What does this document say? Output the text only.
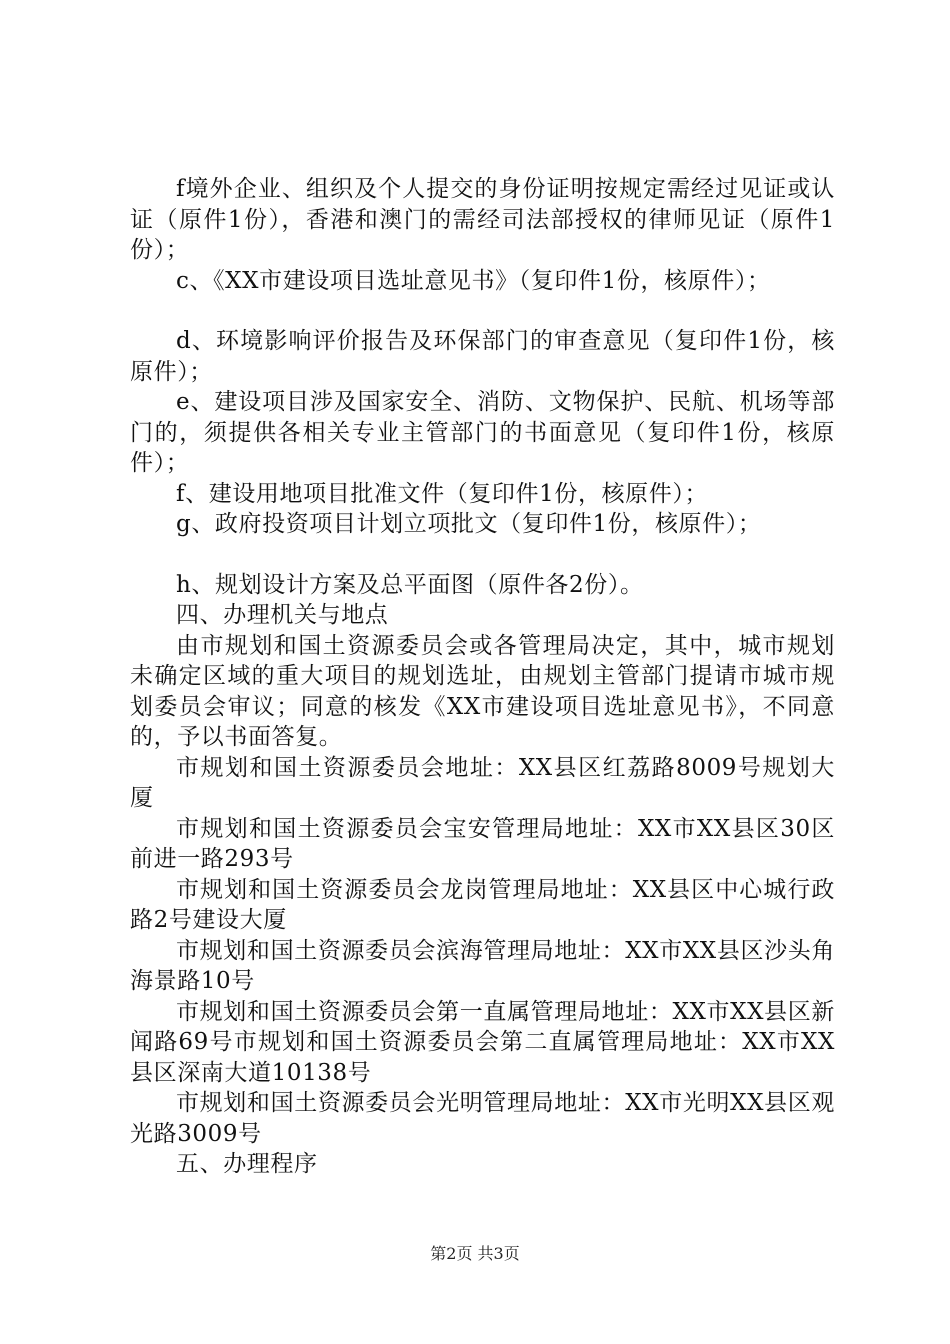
f境外企业、组织及个人提交的身份证明按规定需经过见证或认证（原件1份），香港和澳门的需经司法部授权的律师见证（原件1份）；

c、《XX市建设项目选址意见书》（复印件1份，核原件）；

d、环境影响评价报告及环保部门的审查意见（复印件1份，核原件）；

e、建设项目涉及国家安全、消防、文物保护、民航、机场等部门的，须提供各相关专业主管部门的书面意见（复印件1份，核原件）；

f、建设用地项目批准文件（复印件1份，核原件）；

g、政府投资项目计划立项批文（复印件1份，核原件）；

h、规划设计方案及总平面图（原件各2份）。

四、办理机关与地点

由市规划和国土资源委员会或各管理局决定，其中，城市规划未确定区域的重大项目的规划选址，由规划主管部门提请市城市规划委员会审议；同意的核发《XX市建设项目选址意见书》，不同意的，予以书面答复。

市规划和国土资源委员会地址：XX县区红荔路8009号规划大厦

市规划和国土资源委员会宝安管理局地址：XX市XX县区30区前进一路293号

市规划和国土资源委员会龙岗管理局地址：XX县区中心城行政路2号建设大厦

市规划和国土资源委员会滨海管理局地址：XX市XX县区沙头角海景路10号

市规划和国土资源委员会第一直属管理局地址：XX市XX县区新闻路69号市规划和国土资源委员会第二直属管理局地址：XX市XX县区深南大道10138号

市规划和国土资源委员会光明管理局地址：XX市光明XX县区观光路3009号

五、办理程序

第2页 共3页
